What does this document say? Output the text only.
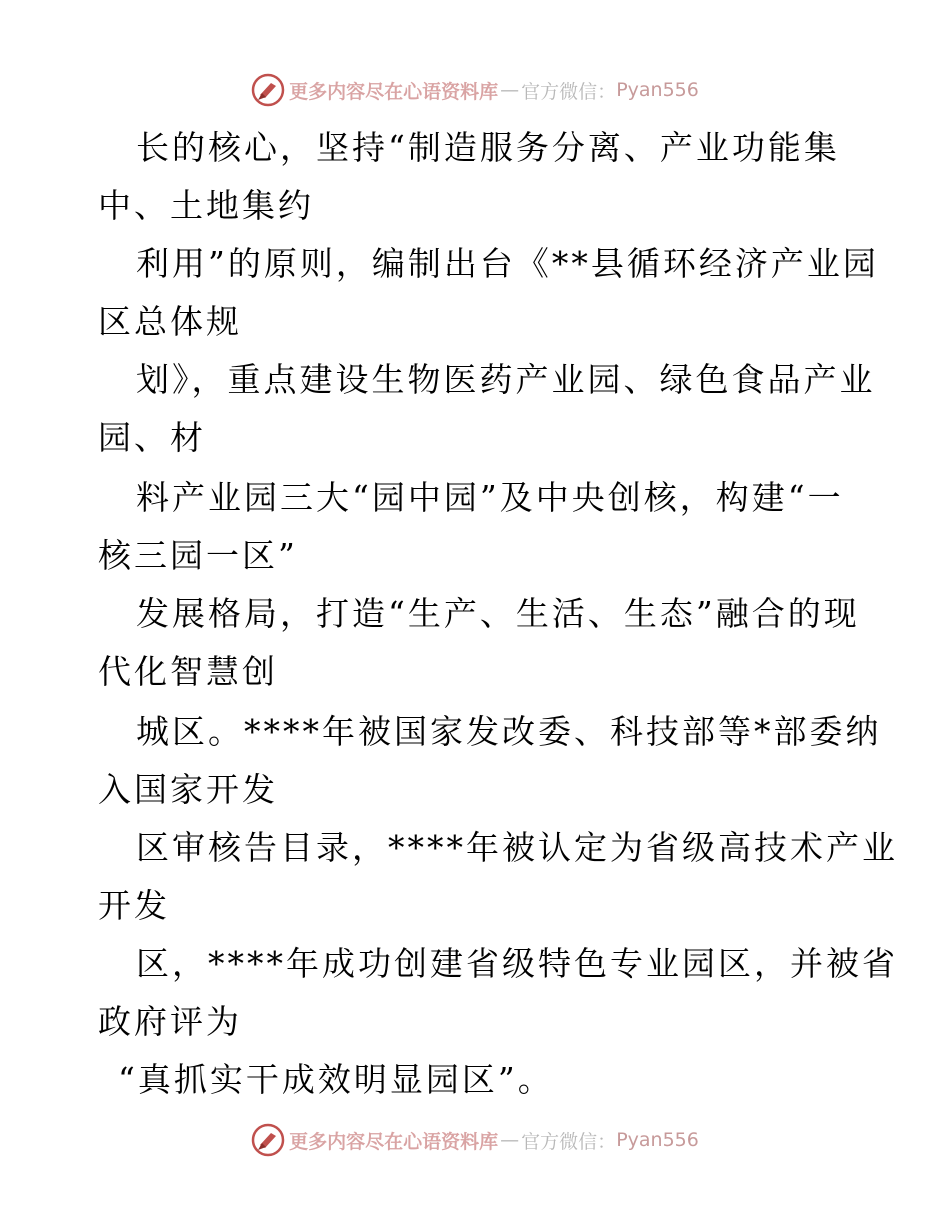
更多内容尽在心语资料库 — 官方微信： Pyan556
长的核心，坚持“制造服务分离、产业功能集
中、土地集约
利用”的原则，编制出台《**县循环经济产业园
区总体规
划》，重点建设生物医药产业园、绿色食品产业
园、材
料产业园三大“园中园”及中央创核，构建“一
核三园一区”
发展格局，打造“生产、生活、生态”融合的现
代化智慧创
城区。****年被国家发改委、科技部等*部委纳
入国家开发
区审核告目录，****年被认定为省级高技术产业
开发
区，****年成功创建省级特色专业园区，并被省
政府评为
“真抓实干成效明显园区”。
更多内容尽在心语资料库 — 官方微信： Pyan556
